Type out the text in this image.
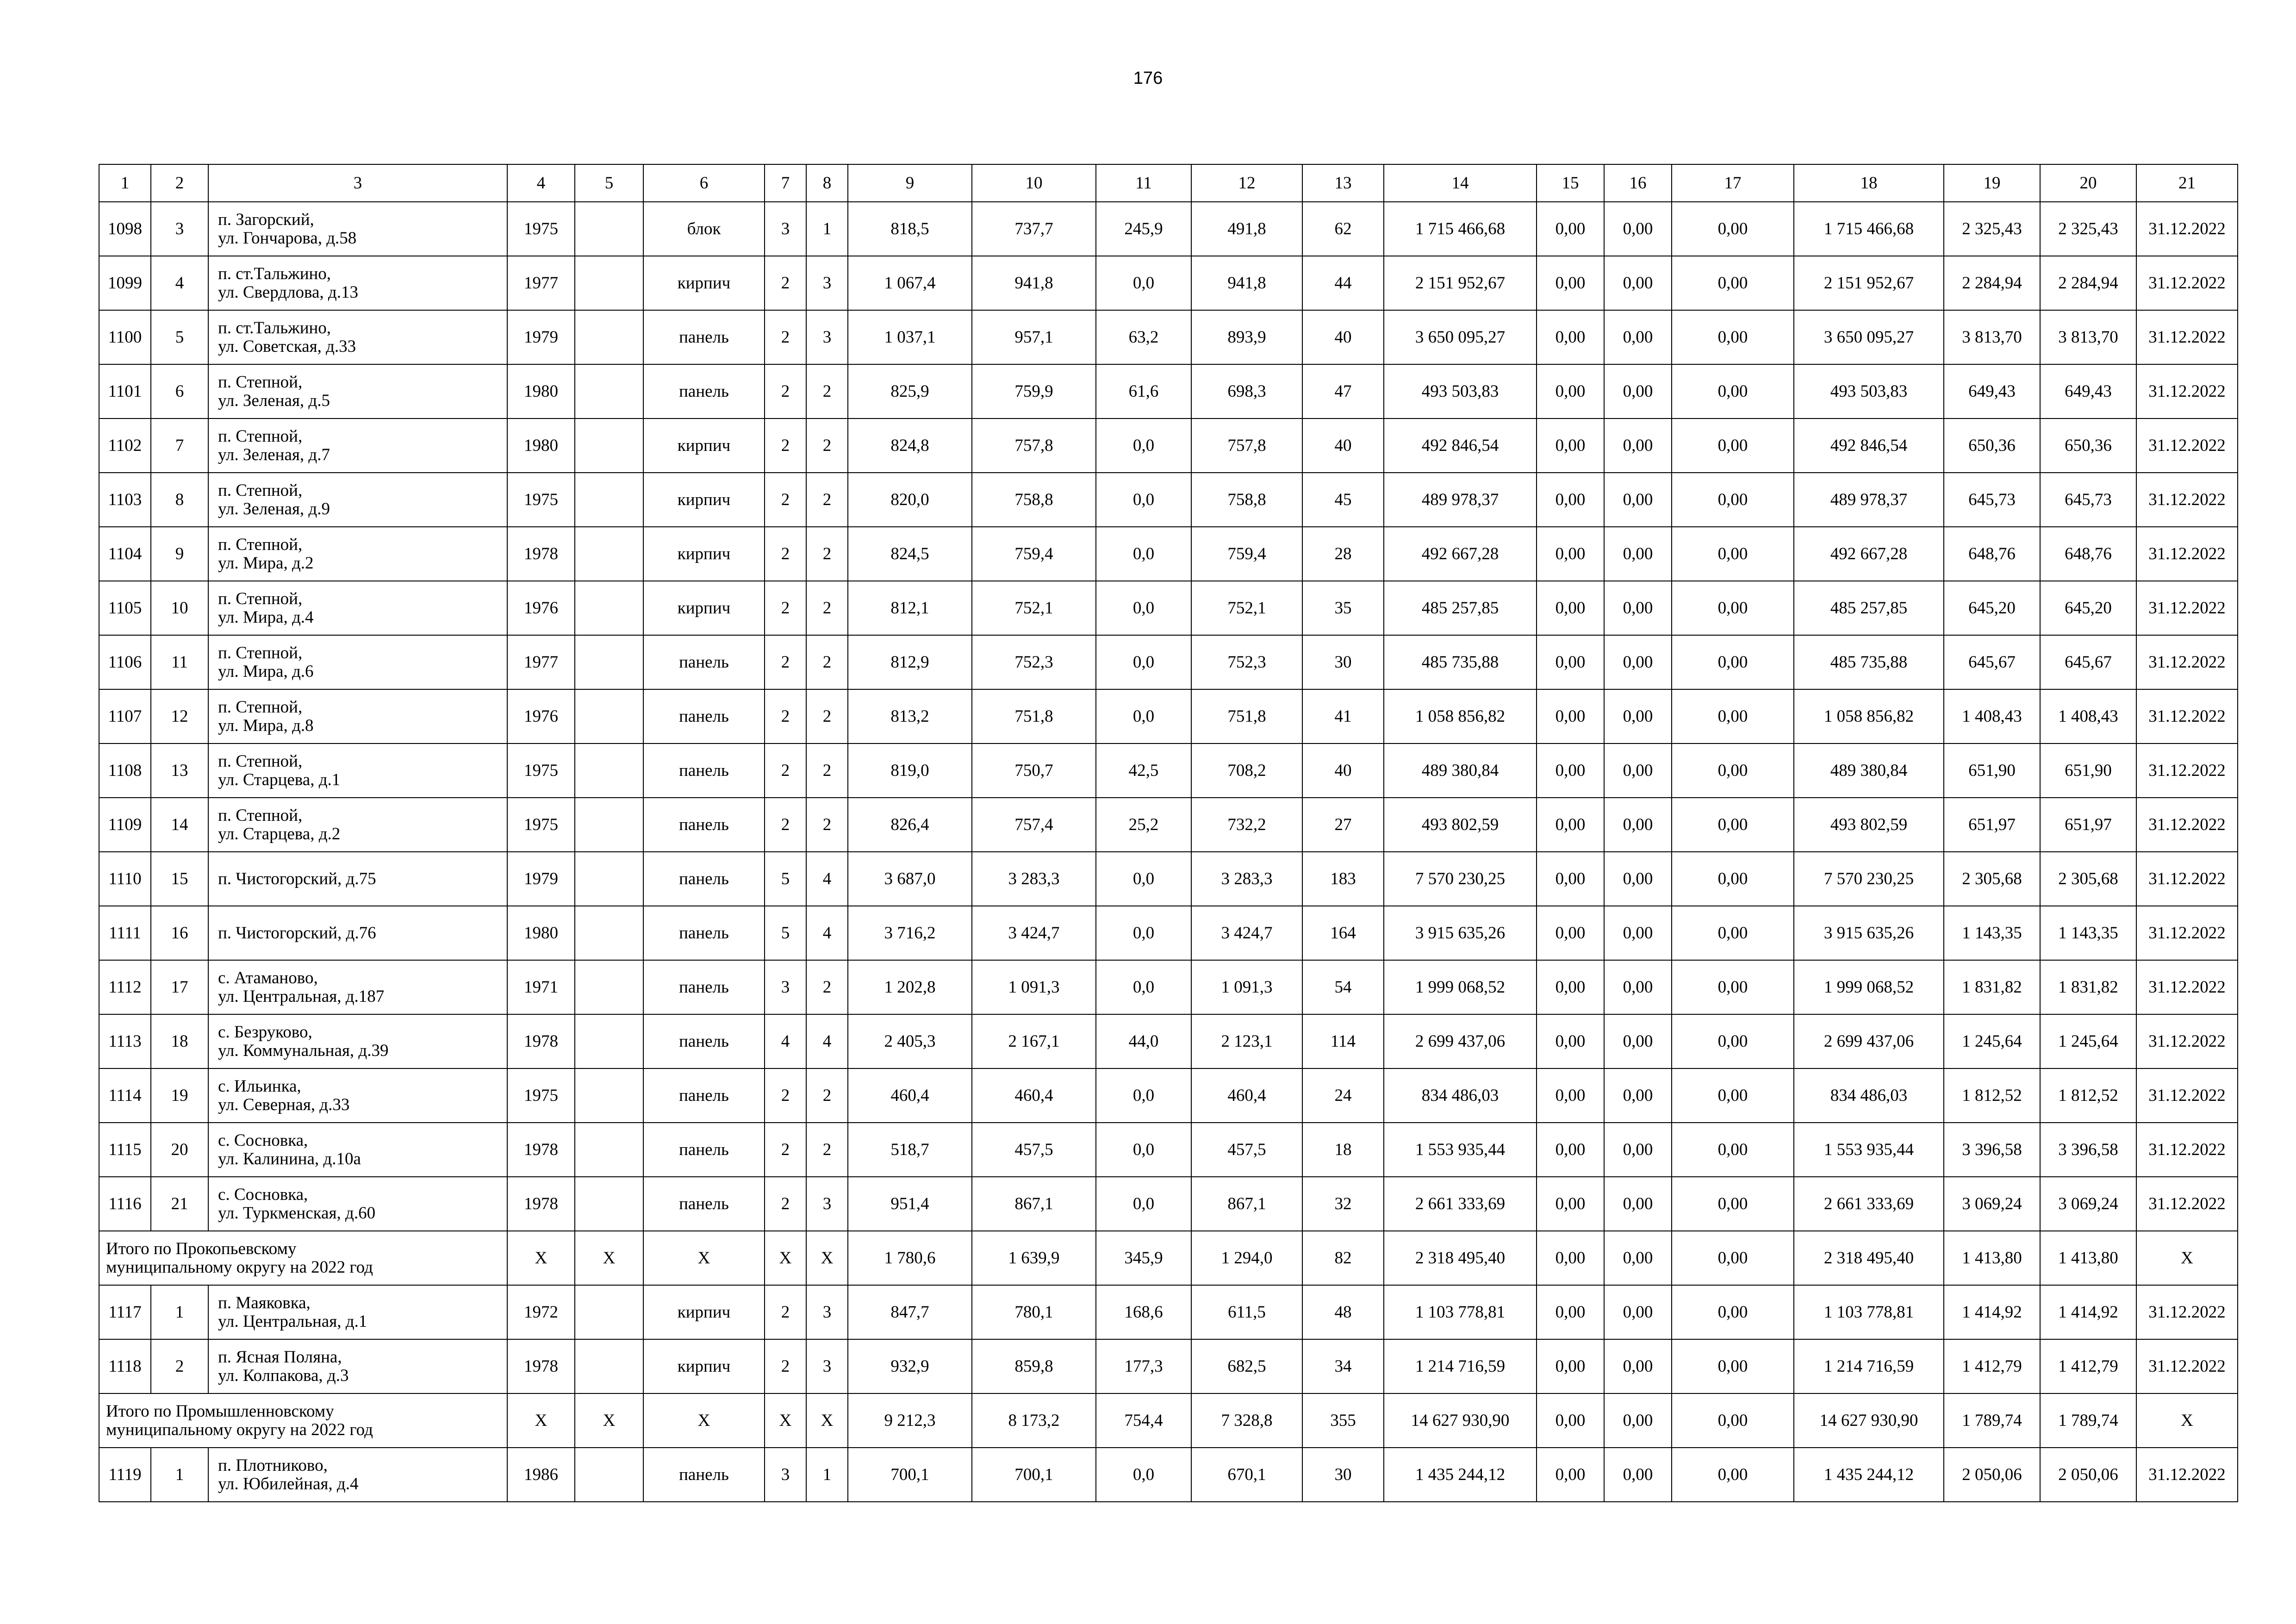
176
1	2	3	4	5	6	7	8	9	10	11	12	13	14	15	16	17	18	19	20	21
1098	3	п. Загорский,
ул. Гончарова, д.58	1975		блок	3	1	818,5	737,7	245,9	491,8	62	1 715 466,68	0,00	0,00	0,00	1 715 466,68	2 325,43	2 325,43	31.12.2022
1099	4	п. ст.Тальжино,
ул. Свердлова, д.13	1977		кирпич	2	3	1 067,4	941,8	0,0	941,8	44	2 151 952,67	0,00	0,00	0,00	2 151 952,67	2 284,94	2 284,94	31.12.2022
1100	5	п. ст.Тальжино,
ул. Советская, д.33	1979		панель	2	3	1 037,1	957,1	63,2	893,9	40	3 650 095,27	0,00	0,00	0,00	3 650 095,27	3 813,70	3 813,70	31.12.2022
1101	6	п. Степной,
ул. Зеленая, д.5	1980		панель	2	2	825,9	759,9	61,6	698,3	47	493 503,83	0,00	0,00	0,00	493 503,83	649,43	649,43	31.12.2022
1102	7	п. Степной,
ул. Зеленая, д.7	1980		кирпич	2	2	824,8	757,8	0,0	757,8	40	492 846,54	0,00	0,00	0,00	492 846,54	650,36	650,36	31.12.2022
1103	8	п. Степной,
ул. Зеленая, д.9	1975		кирпич	2	2	820,0	758,8	0,0	758,8	45	489 978,37	0,00	0,00	0,00	489 978,37	645,73	645,73	31.12.2022
1104	9	п. Степной,
ул. Мира, д.2	1978		кирпич	2	2	824,5	759,4	0,0	759,4	28	492 667,28	0,00	0,00	0,00	492 667,28	648,76	648,76	31.12.2022
1105	10	п. Степной,
ул. Мира, д.4	1976		кирпич	2	2	812,1	752,1	0,0	752,1	35	485 257,85	0,00	0,00	0,00	485 257,85	645,20	645,20	31.12.2022
1106	11	п. Степной,
ул. Мира, д.6	1977		панель	2	2	812,9	752,3	0,0	752,3	30	485 735,88	0,00	0,00	0,00	485 735,88	645,67	645,67	31.12.2022
1107	12	п. Степной,
ул. Мира, д.8	1976		панель	2	2	813,2	751,8	0,0	751,8	41	1 058 856,82	0,00	0,00	0,00	1 058 856,82	1 408,43	1 408,43	31.12.2022
1108	13	п. Степной,
ул. Старцева, д.1	1975		панель	2	2	819,0	750,7	42,5	708,2	40	489 380,84	0,00	0,00	0,00	489 380,84	651,90	651,90	31.12.2022
1109	14	п. Степной,
ул. Старцева, д.2	1975		панель	2	2	826,4	757,4	25,2	732,2	27	493 802,59	0,00	0,00	0,00	493 802,59	651,97	651,97	31.12.2022
1110	15	п. Чистогорский, д.75	1979		панель	5	4	3 687,0	3 283,3	0,0	3 283,3	183	7 570 230,25	0,00	0,00	0,00	7 570 230,25	2 305,68	2 305,68	31.12.2022
1111	16	п. Чистогорский, д.76	1980		панель	5	4	3 716,2	3 424,7	0,0	3 424,7	164	3 915 635,26	0,00	0,00	0,00	3 915 635,26	1 143,35	1 143,35	31.12.2022
1112	17	с. Атаманово,
ул. Центральная, д.187	1971		панель	3	2	1 202,8	1 091,3	0,0	1 091,3	54	1 999 068,52	0,00	0,00	0,00	1 999 068,52	1 831,82	1 831,82	31.12.2022
1113	18	с. Безруково,
ул. Коммунальная, д.39	1978		панель	4	4	2 405,3	2 167,1	44,0	2 123,1	114	2 699 437,06	0,00	0,00	0,00	2 699 437,06	1 245,64	1 245,64	31.12.2022
1114	19	с. Ильинка,
ул. Северная, д.33	1975		панель	2	2	460,4	460,4	0,0	460,4	24	834 486,03	0,00	0,00	0,00	834 486,03	1 812,52	1 812,52	31.12.2022
1115	20	с. Сосновка,
ул. Калинина, д.10а	1978		панель	2	2	518,7	457,5	0,0	457,5	18	1 553 935,44	0,00	0,00	0,00	1 553 935,44	3 396,58	3 396,58	31.12.2022
1116	21	с. Сосновка,
ул. Туркменская, д.60	1978		панель	2	3	951,4	867,1	0,0	867,1	32	2 661 333,69	0,00	0,00	0,00	2 661 333,69	3 069,24	3 069,24	31.12.2022
Итого по Прокопьевскому
муниципальному округу на 2022 год			X	X	X	X	X	1 780,6	1 639,9	345,9	1 294,0	82	2 318 495,40	0,00	0,00	0,00	2 318 495,40	1 413,80	1 413,80	X
1117	1	п. Маяковка,
ул. Центральная, д.1	1972		кирпич	2	3	847,7	780,1	168,6	611,5	48	1 103 778,81	0,00	0,00	0,00	1 103 778,81	1 414,92	1 414,92	31.12.2022
1118	2	п. Ясная Поляна,
ул. Колпакова, д.3	1978		кирпич	2	3	932,9	859,8	177,3	682,5	34	1 214 716,59	0,00	0,00	0,00	1 214 716,59	1 412,79	1 412,79	31.12.2022
Итого по Промышленновскому
муниципальному округу на 2022 год			X	X	X	X	X	9 212,3	8 173,2	754,4	7 328,8	355	14 627 930,90	0,00	0,00	0,00	14 627 930,90	1 789,74	1 789,74	X
1119	1	п. Плотниково,
ул. Юбилейная, д.4	1986		панель	3	1	700,1	700,1	0,0	670,1	30	1 435 244,12	0,00	0,00	0,00	1 435 244,12	2 050,06	2 050,06	31.12.2022
